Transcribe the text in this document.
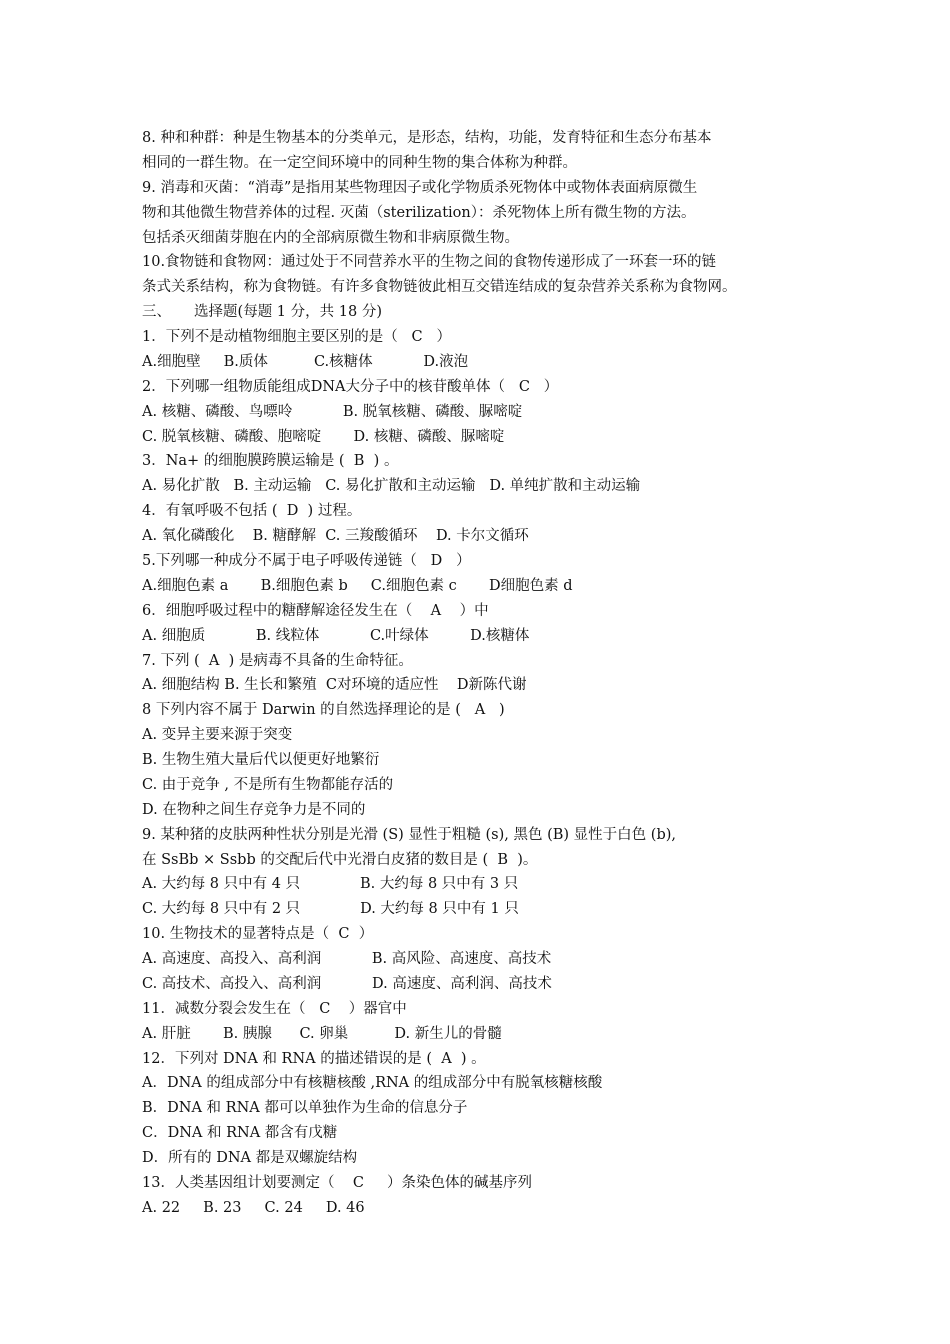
8. 种和种群：种是生物基本的分类单元，是形态，结构，功能，发育特征和生态分布基本
相同的一群生物。在一定空间环境中的同种生物的集合体称为种群。
9. 消毒和灭菌：“消毒”是指用某些物理因子或化学物质杀死物体中或物体表面病原微生
物和其他微生物营养体的过程. 灭菌（sterilization）：杀死物体上所有微生物的方法。
包括杀灭细菌芽胞在内的全部病原微生物和非病原微生物。
10.食物链和食物网：通过处于不同营养水平的生物之间的食物传递形成了一环套一环的链
条式关系结构，称为食物链。有许多食物链彼此相互交错连结成的复杂营养关系称为食物网。
三、     选择题(每题 1 分，共 18 分)
1．下列不是动植物细胞主要区别的是（   C   ）
A.细胞壁     B.质体          C.核糖体           D.液泡
2．下列哪一组物质能组成DNA大分子中的核苷酸单体（   C   ）
A. 核糖、磷酸、鸟嘌呤           B. 脱氧核糖、磷酸、脲嘧啶
C. 脱氧核糖、磷酸、胞嘧啶       D. 核糖、磷酸、脲嘧啶
3．Na+ 的细胞膜跨膜运输是 (  B  ) 。
A. 易化扩散   B. 主动运输   C. 易化扩散和主动运输   D. 单纯扩散和主动运输
4．有氧呼吸不包括 (  D  ) 过程。
A. 氧化磷酸化    B. 糖酵解  C. 三羧酸循环    D. 卡尔文循环
5.下列哪一种成分不属于电子呼吸传递链（   D   ）
A.细胞色素 a       B.细胞色素 b     C.细胞色素 c       D细胞色素 d
6．细胞呼吸过程中的糖酵解途径发生在（    A    ）中
A. 细胞质           B. 线粒体           C.叶绿体         D.核糖体
7. 下列 (  A  ) 是病毒不具备的生命特征。
A. 细胞结构 B. 生长和繁殖  C对环境的适应性    D新陈代谢
8 下列内容不属于 Darwin 的自然选择理论的是 (   A   )
A. 变异主要来源于突变
B. 生物生殖大量后代以便更好地繁衍
C. 由于竞争 , 不是所有生物都能存活的
D. 在物种之间生存竞争力是不同的
9. 某种猪的皮肤两种性状分别是光滑 (S) 显性于粗糙 (s), 黑色 (B) 显性于白色 (b),
在 SsBb × Ssbb 的交配后代中光滑白皮猪的数目是 (  B  )。
A. 大约每 8 只中有 4 只             B. 大约每 8 只中有 3 只
C. 大约每 8 只中有 2 只             D. 大约每 8 只中有 1 只
10. 生物技术的显著特点是（  C  ）
A. 高速度、高投入、高利润           B. 高风险、高速度、高技术
C. 高技术、高投入、高利润           D. 高速度、高利润、高技术
11．减数分裂会发生在（   C    ）器官中
A. 肝脏       B. 胰腺      C. 卵巢          D. 新生儿的骨髓
12．下列对 DNA 和 RNA 的描述错误的是 (  A  ) 。
A．DNA 的组成部分中有核糖核酸 ,RNA 的组成部分中有脱氧核糖核酸
B．DNA 和 RNA 都可以单独作为生命的信息分子
C．DNA 和 RNA 都含有戊糖
D．所有的 DNA 都是双螺旋结构
13．人类基因组计划要测定（    C     ）条染色体的碱基序列
A. 22     B. 23     C. 24     D. 46
